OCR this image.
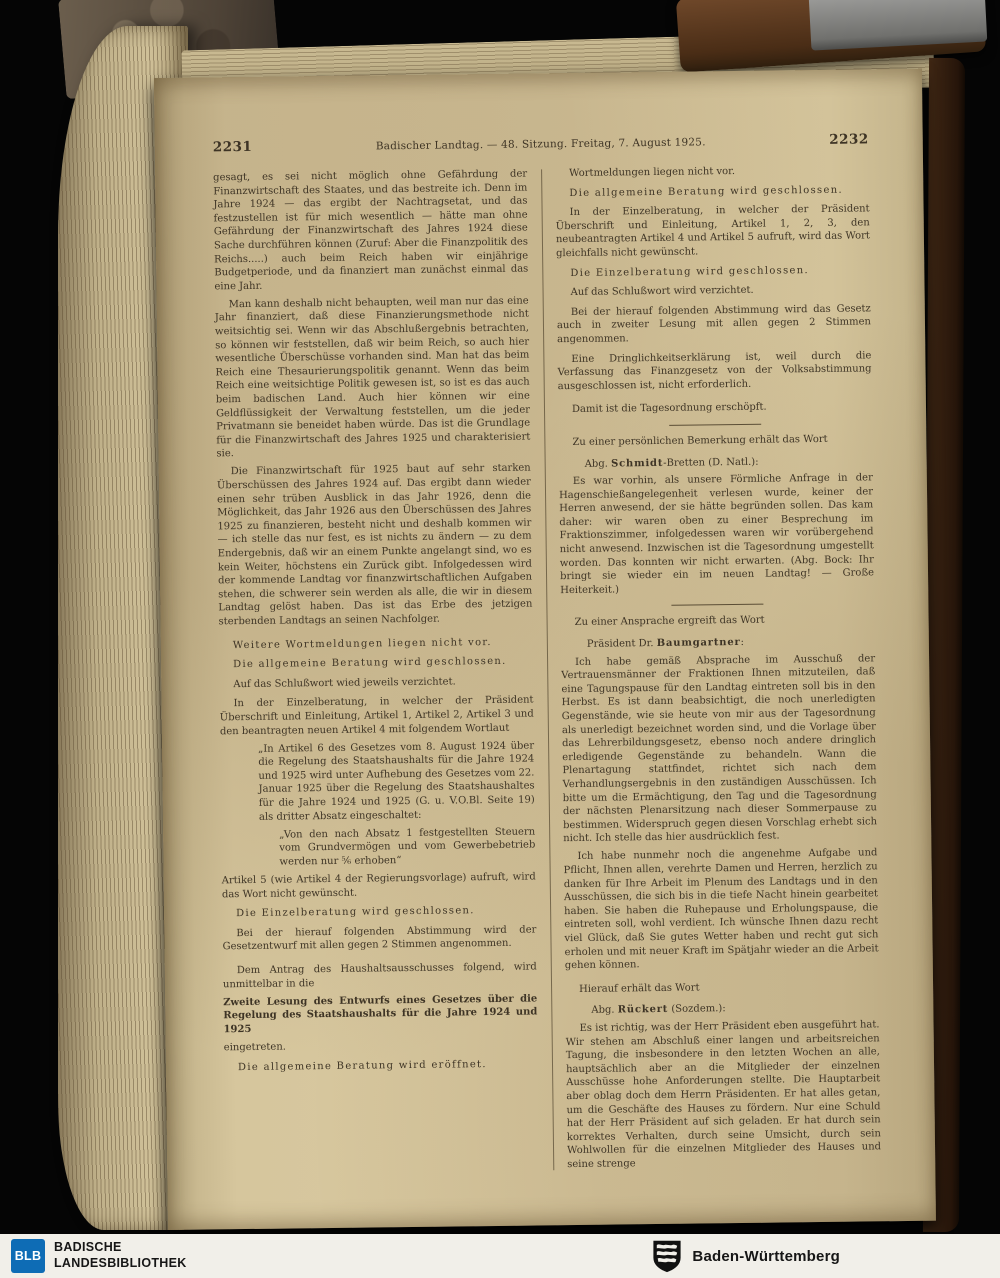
2231	Badischer Landtag. — 48. Sitzung. Freitag, 7. August 1925.	2232

gesagt, es sei nicht möglich ohne Gefährdung der Finanzwirtschaft des Staates, und das bestreite ich. Denn im Jahre 1924 — das ergibt der Nachtragsetat, und das festzustellen ist für mich wesentlich — hätte man ohne Gefährdung der Finanzwirtschaft des Jahres 1924 diese Sache durchführen können (Zuruf: Aber die Finanzpolitik des Reichs.....) auch beim Reich haben wir einjährige Budgetperiode, und da finanziert man zunächst einmal das eine Jahr.

Man kann deshalb nicht behaupten, weil man nur das eine Jahr finanziert, daß diese Finanzierungsmethode nicht weitsichtig sei. Wenn wir das Abschlußergebnis betrachten, so können wir feststellen, daß wir beim Reich, so auch hier wesentliche Überschüsse vorhanden sind. Man hat das beim Reich eine Thesaurierungspolitik genannt. Wenn das beim Reich eine weitsichtige Politik gewesen ist, so ist es das auch beim badischen Land. Auch hier können wir eine Geldflüssigkeit der Verwaltung feststellen, um die jeder Privatmann sie beneidet haben würde. Das ist die Grundlage für die Finanzwirtschaft des Jahres 1925 und charakterisiert sie.

Die Finanzwirtschaft für 1925 baut auf sehr starken Überschüssen des Jahres 1924 auf. Das ergibt dann wieder einen sehr trüben Ausblick in das Jahr 1926, denn die Möglichkeit, das Jahr 1926 aus den Überschüssen des Jahres 1925 zu finanzieren, besteht nicht und deshalb kommen wir — ich stelle das nur fest, es ist nichts zu ändern — zu dem Endergebnis, daß wir an einem Punkte angelangt sind, wo es kein Weiter, höchstens ein Zurück gibt. Infolgedessen wird der kommende Landtag vor finanzwirtschaftlichen Aufgaben stehen, die schwerer sein werden als alle, die wir in diesem Landtag gelöst haben. Das ist das Erbe des jetzigen sterbenden Landtags an seinen Nachfolger.

Weitere Wortmeldungen liegen nicht vor.

Die allgemeine Beratung wird geschlossen.

Auf das Schlußwort wied jeweils verzichtet.

In der Einzelberatung, in welcher der Präsident Überschrift und Einleitung, Artikel 1, Artikel 2, Artikel 3 und den beantragten neuen Artikel 4 mit folgendem Wortlaut

„In Artikel 6 des Gesetzes vom 8. August 1924 über die Regelung des Staatshaushalts für die Jahre 1924 und 1925 wird unter Aufhebung des Gesetzes vom 22. Januar 1925 über die Regelung des Staatshaushaltes für die Jahre 1924 und 1925 (G. u. V.O.Bl. Seite 19) als dritter Absatz eingeschaltet:

„Von den nach Absatz 1 festgestellten Steuern vom Grundvermögen und vom Gewerbebetrieb werden nur ⁵⁄₆ erhoben“

Artikel 5 (wie Artikel 4 der Regierungsvorlage) aufruft, wird das Wort nicht gewünscht.

Die Einzelberatung wird geschlossen.

Bei der hierauf folgenden Abstimmung wird der Gesetzentwurf mit allen gegen 2 Stimmen angenommen.

Dem Antrag des Haushaltsausschusses folgend, wird unmittelbar in die

Zweite Lesung des Entwurfs eines Gesetzes über die Regelung des Staatshaushalts für die Jahre 1924 und 1925

eingetreten.

Die allgemeine Beratung wird eröffnet.

Wortmeldungen liegen nicht vor.

Die allgemeine Beratung wird geschlossen.

In der Einzelberatung, in welcher der Präsident Überschrift und Einleitung, Artikel 1, 2, 3, den neubeantragten Artikel 4 und Artikel 5 aufruft, wird das Wort gleichfalls nicht gewünscht.

Die Einzelberatung wird geschlossen.

Auf das Schlußwort wird verzichtet.

Bei der hierauf folgenden Abstimmung wird das Gesetz auch in zweiter Lesung mit allen gegen 2 Stimmen angenommen.

Eine Dringlichkeitserklärung ist, weil durch die Verfassung das Finanzgesetz von der Volksabstimmung ausgeschlossen ist, nicht erforderlich.

Damit ist die Tagesordnung erschöpft.

Zu einer persönlichen Bemerkung erhält das Wort

Abg. Schmidt-Bretten (D. Natl.):

Es war vorhin, als unsere Förmliche Anfrage in der Hagenschießangelegenheit verlesen wurde, keiner der Herren anwesend, der sie hätte begründen sollen. Das kam daher: wir waren oben zu einer Besprechung im Fraktionszimmer, infolgedessen waren wir vorübergehend nicht anwesend. Inzwischen ist die Tagesordnung umgestellt worden. Das konnten wir nicht erwarten. (Abg. Bock: Ihr bringt sie wieder ein im neuen Landtag! — Große Heiterkeit.)

Zu einer Ansprache ergreift das Wort

Präsident Dr. Baumgartner:

Ich habe gemäß Absprache im Ausschuß der Vertrauensmänner der Fraktionen Ihnen mitzuteilen, daß eine Tagungspause für den Landtag eintreten soll bis in den Herbst. Es ist dann beabsichtigt, die noch unerledigten Gegenstände, wie sie heute von mir aus der Tagesordnung als unerledigt bezeichnet worden sind, und die Vorlage über das Lehrerbildungsgesetz, ebenso noch andere dringlich erledigende Gegenstände zu behandeln. Wann die Plenartagung stattfindet, richtet sich nach dem Verhandlungsergebnis in den zuständigen Ausschüssen. Ich bitte um die Ermächtigung, den Tag und die Tagesordnung der nächsten Plenarsitzung nach dieser Sommerpause zu bestimmen. Widerspruch gegen diesen Vorschlag erhebt sich nicht. Ich stelle das hier ausdrücklich fest.

Ich habe nunmehr noch die angenehme Aufgabe und Pflicht, Ihnen allen, verehrte Damen und Herren, herzlich zu danken für Ihre Arbeit im Plenum des Landtags und in den Ausschüssen, die sich bis in die tiefe Nacht hinein gearbeitet haben. Sie haben die Ruhepause und Erholungspause, die eintreten soll, wohl verdient. Ich wünsche Ihnen dazu recht viel Glück, daß Sie gutes Wetter haben und recht gut sich erholen und mit neuer Kraft im Spätjahr wieder an die Arbeit gehen können.

Hierauf erhält das Wort

Abg. Rückert (Sozdem.):

Es ist richtig, was der Herr Präsident eben ausgeführt hat. Wir stehen am Abschluß einer langen und arbeitsreichen Tagung, die insbesondere in den letzten Wochen an alle, hauptsächlich aber an die Mitglieder der einzelnen Ausschüsse hohe Anforderungen stellte. Die Hauptarbeit aber oblag doch dem Herrn Präsidenten. Er hat alles getan, um die Geschäfte des Hauses zu fördern. Nur eine Schuld hat der Herr Präsident auf sich geladen. Er hat durch sein korrektes Verhalten, durch seine Umsicht, durch sein Wohlwollen für die einzelnen Mitglieder des Hauses und seine strenge

BLB
BADISCHE
LANDESBIBLIOTHEK	Baden-Württemberg
